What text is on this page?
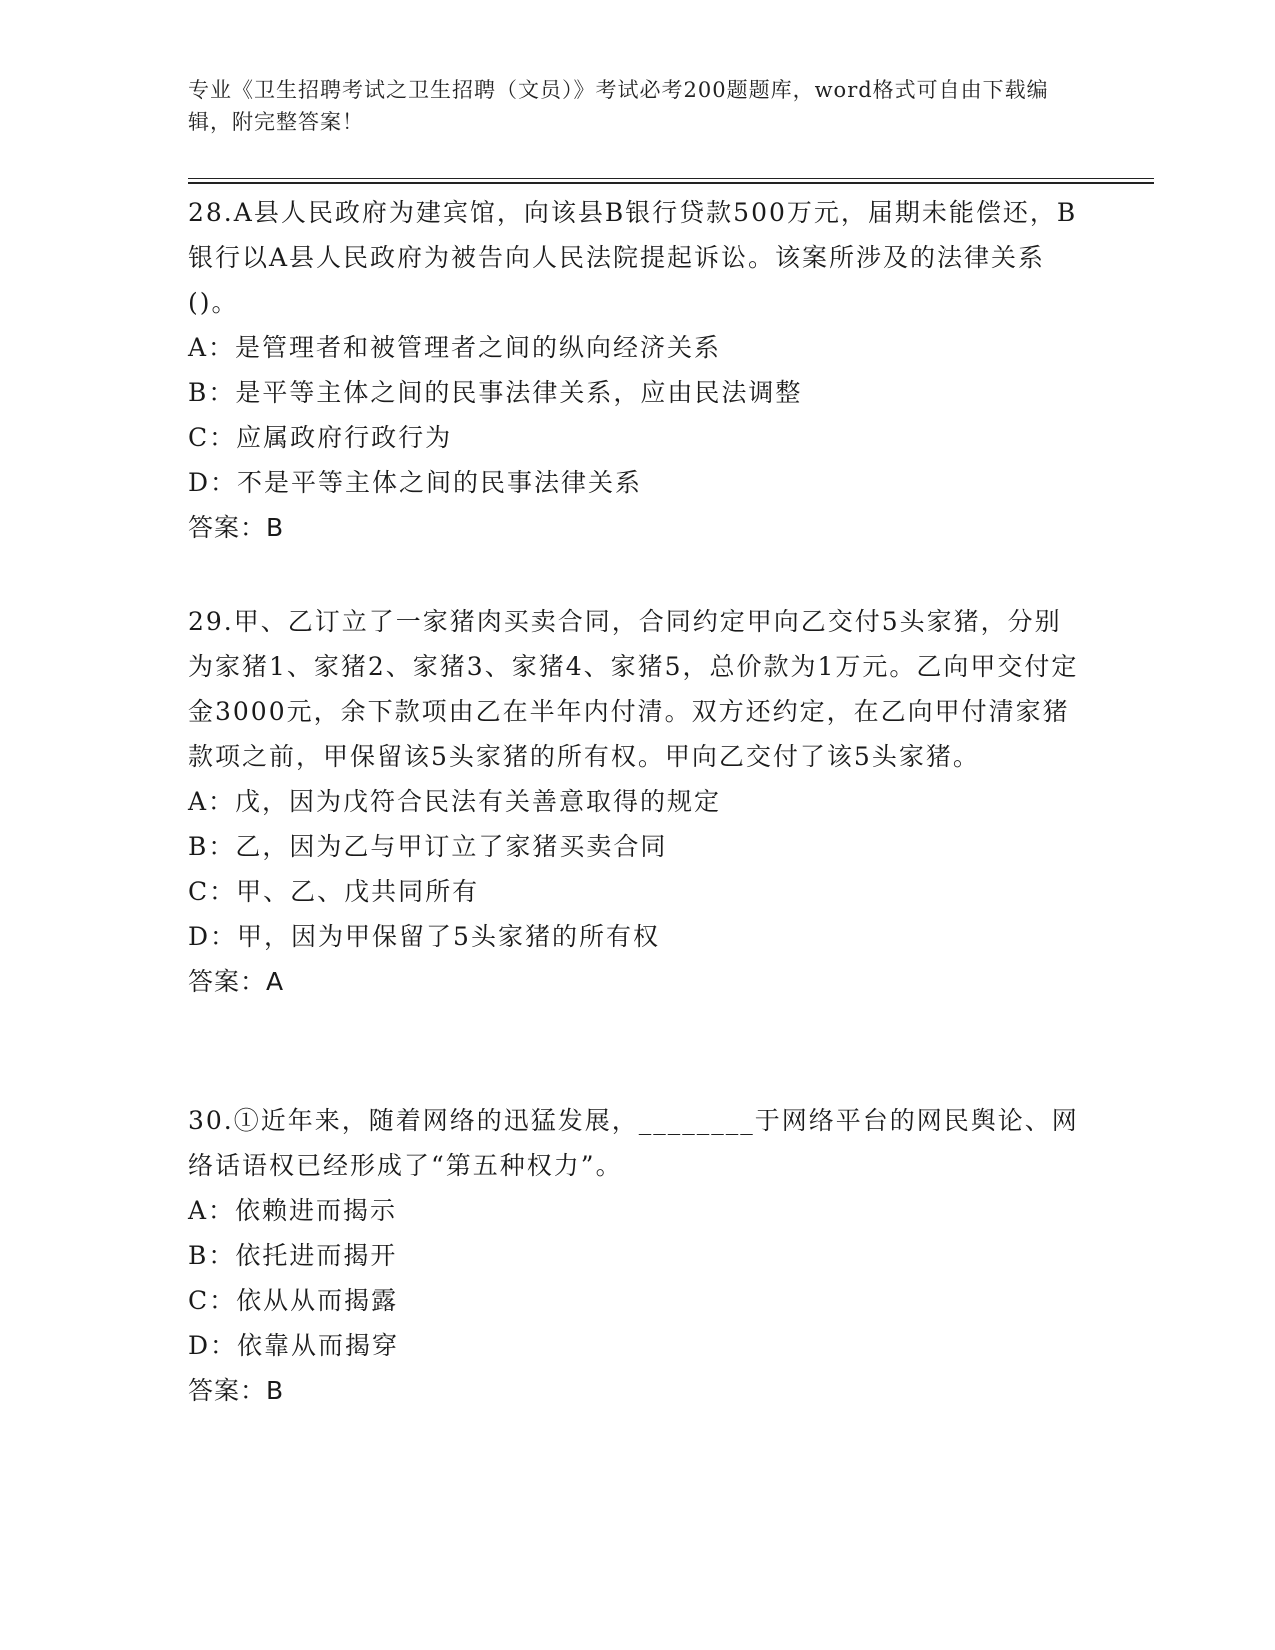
专业《卫生招聘考试之卫生招聘（文员）》考试必考200题题库，word格式可自由下载编辑，附完整答案！

28.A县人民政府为建宾馆，向该县B银行贷款500万元，届期未能偿还，B银行以A县人民政府为被告向人民法院提起诉讼。该案所涉及的法律关系()。

A：是管理者和被管理者之间的纵向经济关系

B：是平等主体之间的民事法律关系，应由民法调整

C：应属政府行政行为

D：不是平等主体之间的民事法律关系

答案：B

29.甲、乙订立了一家猪肉买卖合同，合同约定甲向乙交付5头家猪，分别为家猪1、家猪2、家猪3、家猪4、家猪5，总价款为1万元。乙向甲交付定金3000元，余下款项由乙在半年内付清。双方还约定，在乙向甲付清家猪款项之前，甲保留该5头家猪的所有权。甲向乙交付了该5头家猪。

A：戊，因为戊符合民法有关善意取得的规定

B：乙，因为乙与甲订立了家猪买卖合同

C：甲、乙、戊共同所有

D：甲，因为甲保留了5头家猪的所有权

答案：A

30.①近年来，随着网络的迅猛发展，________于网络平台的网民舆论、网络话语权已经形成了“第五种权力”。

A：依赖进而揭示

B：依托进而揭开

C：依从从而揭露

D：依靠从而揭穿

答案：B
